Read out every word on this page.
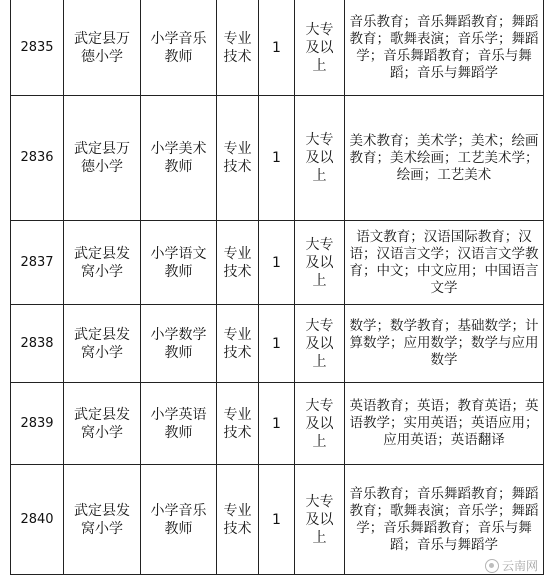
2835	武定县万德小学	小学音乐教师	专业技术	1	大专及以上	音乐教育；音乐舞蹈教育；舞蹈教育；歌舞表演；音乐学；舞蹈学；音乐舞蹈教育；音乐与舞蹈；音乐与舞蹈学
2836	武定县万德小学	小学美术教师	专业技术	1	大专及以上	美术教育；美术学；美术；绘画教育；美术绘画；工艺美术学；绘画；工艺美术
2837	武定县发窝小学	小学语文教师	专业技术	1	大专及以上	语文教育；汉语国际教育；汉语；汉语言文学；汉语言文学教育；中文；中文应用；中国语言文学
2838	武定县发窝小学	小学数学教师	专业技术	1	大专及以上	数学；数学教育；基础数学；计算数学；应用数学；数学与应用数学
2839	武定县发窝小学	小学英语教师	专业技术	1	大专及以上	英语教育；英语；教育英语；英语教学；实用英语；英语应用；应用英语；英语翻译
2840	武定县发窝小学	小学音乐教师	专业技术	1	大专及以上	音乐教育；音乐舞蹈教育；舞蹈教育；歌舞表演；音乐学；舞蹈学；音乐舞蹈教育；音乐与舞蹈；音乐与舞蹈学
云南网
